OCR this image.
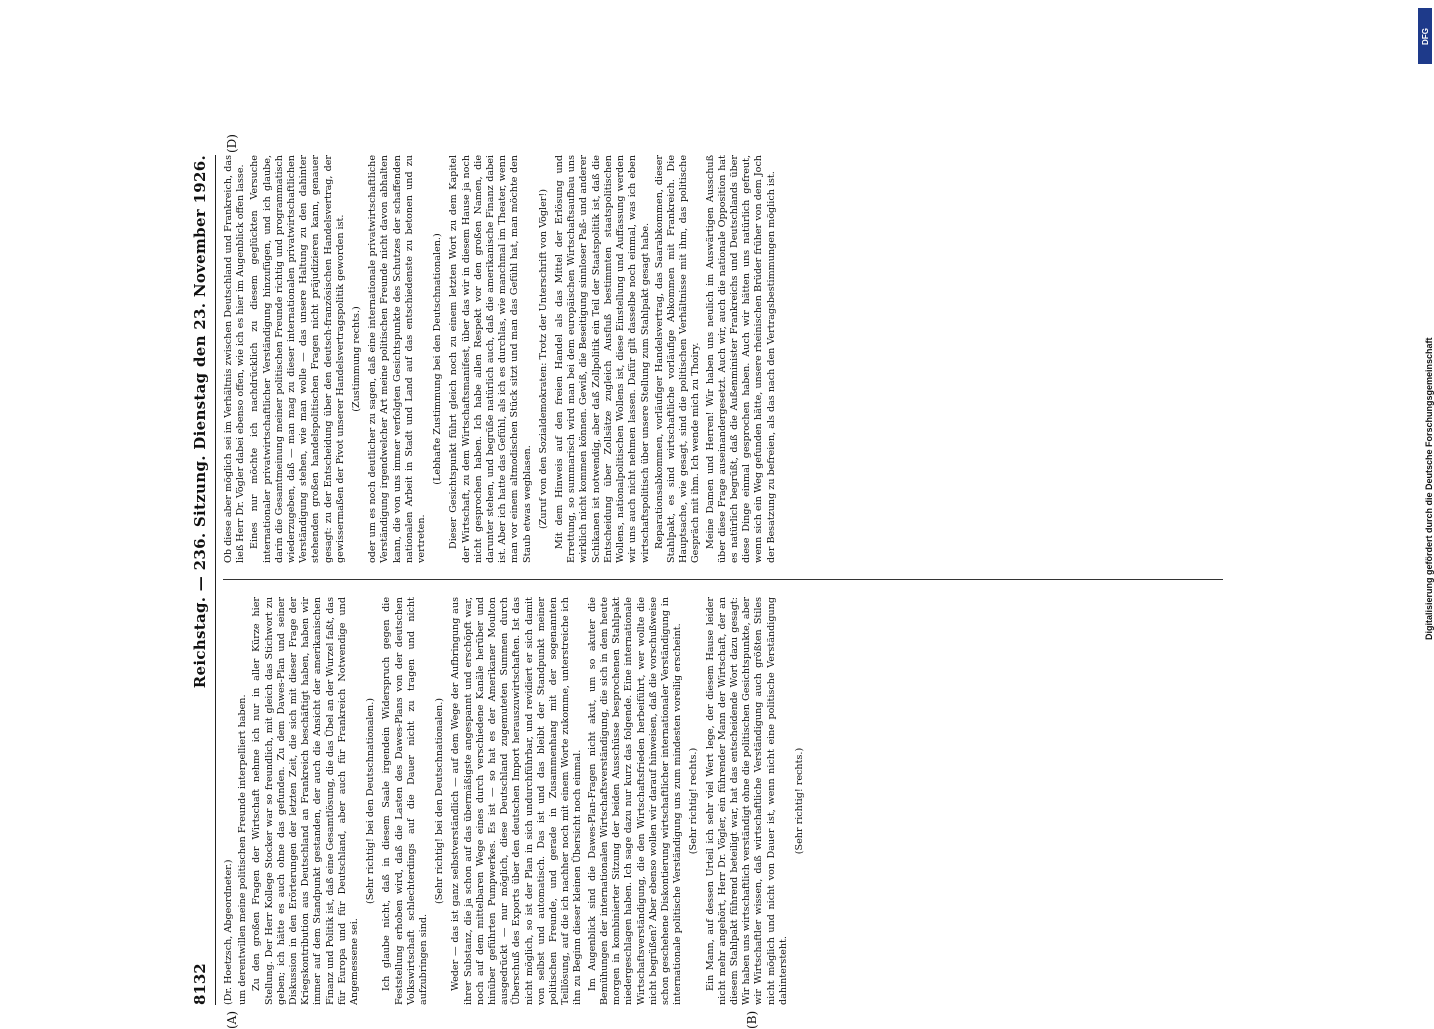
8132
Reichstag. — 236. Sitzung. Dienstag den 23. November 1926.
(A)	(B)
(D)

(Dr. Hoetzsch, Abgeordneter.) um derentwillen meine politischen Freunde interpelliert haben. Zu den großen Fragen der Wirtschaft nehme ich nur in aller Kürze hier Stellung. Der Herr Kollege Stocker war so freundlich, mit gleich das Stichwort zu geben; ich hätte es auch ohne das gefunden. Zu dem Dawes-Plan und seiner Diskussion in den Erörterungen der letzten Zeit, die sich mit dieser Frage der Kriegskontribution aus Deutschland an Frankreich beschäftigt haben, haben wir immer auf dem Standpunkt gestanden, der auch die Ansicht der amerikanischen Finanz und Politik ist, daß eine Gesamtlösung, die das Übel an der Wurzel faßt, das für Europa und für Deutschland, aber auch für Frankreich Notwendige und Angemessene sei.

(Sehr richtig! bei den Deutschnationalen.) Ich glaube nicht, daß in diesem Saale irgendein Widerspruch gegen die Feststellung erhoben wird, daß die Lasten des Dawes-Plans von der deutschen Volkswirtschaft schlechterdings auf die Dauer nicht zu tragen und nicht aufzubringen sind.

(Sehr richtig! bei den Deutschnationalen.) Weder — das ist ganz selbstverständlich — auf dem Wege der Aufbringung aus ihrer Substanz, die ja schon auf das übermäßigste angespannt und erschöpft war, noch auf dem mittelbaren Wege eines durch verschiedene Kanäle herüber und hinüber geführten Pumpwerkes. Es ist — so hat es der Amerikaner Moulton ausgedrückt — nur möglich, diese Deutschland zugemuteten Summen durch Überschuß des Exports über den deutschen Import herauszuwirtschaften. Ist das nicht möglich, so ist der Plan in sich undurchführbar, und revidiert er sich damit von selbst und automatisch. Das ist und das bleibt der Standpunkt meiner politischen Freunde, und gerade in Zusammenhang mit der sogenannten Teillösung, auf die ich nachher noch mit einem Worte zukomme, unterstreiche ich ihn zu Beginn dieser kleinen Übersicht noch einmal. Im Augenblick sind die Dawes-Plan-Fragen nicht akut, um so akuter die Bemühungen der internationalen Wirtschaftsverständigung, die sich in dem heute morgen in kombinierter Sitzung der beiden Ausschüsse besprochenen Stahlpakt niedergeschlagen haben. Ich sage dazu nur kurz das folgende. Eine internationale Wirtschaftsverständigung, die den Wirtschaftsfrieden herbeiführt, wer wollte die nicht begrüßen? Aber ebenso wollen wir darauf hinweisen, daß die vorschußweise schon geschehene Diskontierung wirtschaftlicher internationaler Verständigung in internationale politische Verständigung uns zum mindesten voreilig erscheint. (Sehr richtig! rechts.) Ein Mann, auf dessen Urteil ich sehr viel Wert lege, der diesem Hause leider nicht mehr angehört, Herr Dr. Vögler, ein führender Mann der Wirtschaft, der an diesem Stahlpakt führend beteiligt war, hat das entscheidende Wort dazu gesagt: Wir haben uns wirtschaftlich verständigt ohne die politischen Gesichtspunkte, aber wir Wirtschaftler wissen, daß wirtschaftliche Verständigung auch größten Stiles nicht möglich und nicht von Dauer ist, wenn nicht eine politische Verständigung dahintersteht.

(Sehr richtig! rechts.)

Ob diese aber möglich sei im Verhältnis zwischen Deutschland und Frankreich, das ließ Herr Dr. Vögler dabei ebenso offen, wie ich es hier im Augenblick offen lasse. Eines nur möchte ich nachdrücklich zu diesem geglückten Versuche internationaler privatwirtschaftlicher Verständigung hinzufügen, und ich glaube, darin die Gesamtmeinung meiner politischen Freunde richtig und programmatisch wiederzugeben, daß — man mag zu dieser internationalen privatwirtschaftlichen Verständigung stehen, wie man wolle — das unsere Haltung zu den dahinter stehenden großen handelspolitischen Fragen nicht präjudizieren kann, genauer gesagt: zu der Entscheidung über den deutsch-französischen Handelsvertrag, der gewissermaßen der Pivot unserer Handelsvertragspolitik geworden ist. (Zustimmung rechts.) oder um es noch deutlicher zu sagen, daß eine internationale privatwirtschaftliche Verständigung irgendwelcher Art meine politischen Freunde nicht davon abhalten kann, die von uns immer verfolgten Gesichtspunkte des Schutzes der schaffenden nationalen Arbeit in Stadt und Land auf das entschiedenste zu betonen und zu vertreten.

(Lebhafte Zustimmung bei den Deutschnationalen.) Dieser Gesichtspunkt führt gleich noch zu einem letzten Wort zu dem Kapitel der Wirtschaft, zu dem Wirtschaftsmanifest, über das wir in diesem Hause ja noch nicht gesprochen haben. Ich habe allen Respekt vor den großen Namen, die darunter stehen, und begrüße natürlich auch, daß die amerikanische Finanz dabei ist. Aber ich hatte das Gefühl, als ich es durchlas, wie manchmal im Theater, wenn man vor einem altmodischen Stück sitzt und man das Gefühl hat, man möchte den Staub etwas wegblasen. (Zuruf von den Sozialdemokraten: Trotz der Unterschrift von Vögler!) Mit dem Hinweis auf den freien Handel als das Mittel der Erlösung und Errettung, so summarisch wird man bei dem europäischen Wirtschaftsaufbau uns wirklich nicht kommen können. Gewiß, die Beseitigung sinnloser Paß- und anderer Schikanen ist notwendig, aber daß Zollpolitik ein Teil der Staatspolitik ist, daß die Entscheidung über Zollsätze zugleich Ausfluß bestimmten staatspolitischen Wollens, nationalpolitischen Wollens ist, diese Einstellung und Auffassung werden wir uns auch nicht nehmen lassen. Dafür gilt dasselbe noch einmal, was ich eben wirtschaftspolitisch über unsere Stellung zum Stahlpakt gesagt habe. Reparationsabkommen, vorläufiger Handelsvertrag, das Saarabkommen, dieser Stahlpakt, es sind wirtschaftliche vorläufige Abkommen mit Frankreich. Die Hauptsache, wie gesagt, sind die politischen Verhältnisse mit ihm, das politische Gespräch mit ihm. Ich wende mich zu Thoiry. Meine Damen und Herren! Wir haben uns neulich im Auswärtigen Ausschuß über diese Frage auseinandergesetzt. Auch wir, auch die nationale Opposition hat es natürlich begrüßt, daß die Außenminister Frankreichs und Deutschlands über diese Dinge einmal gesprochen haben. Auch wir hätten uns natürlich gefreut, wenn sich ein Weg gefunden hätte, unsere rheinischen Brüder früher von dem Joch der Besatzung zu befreien, als das nach den Vertragsbestimmungen möglich ist.

DFG
Digitalisierung gefördert durch die Deutsche Forschungsgemeinschaft
